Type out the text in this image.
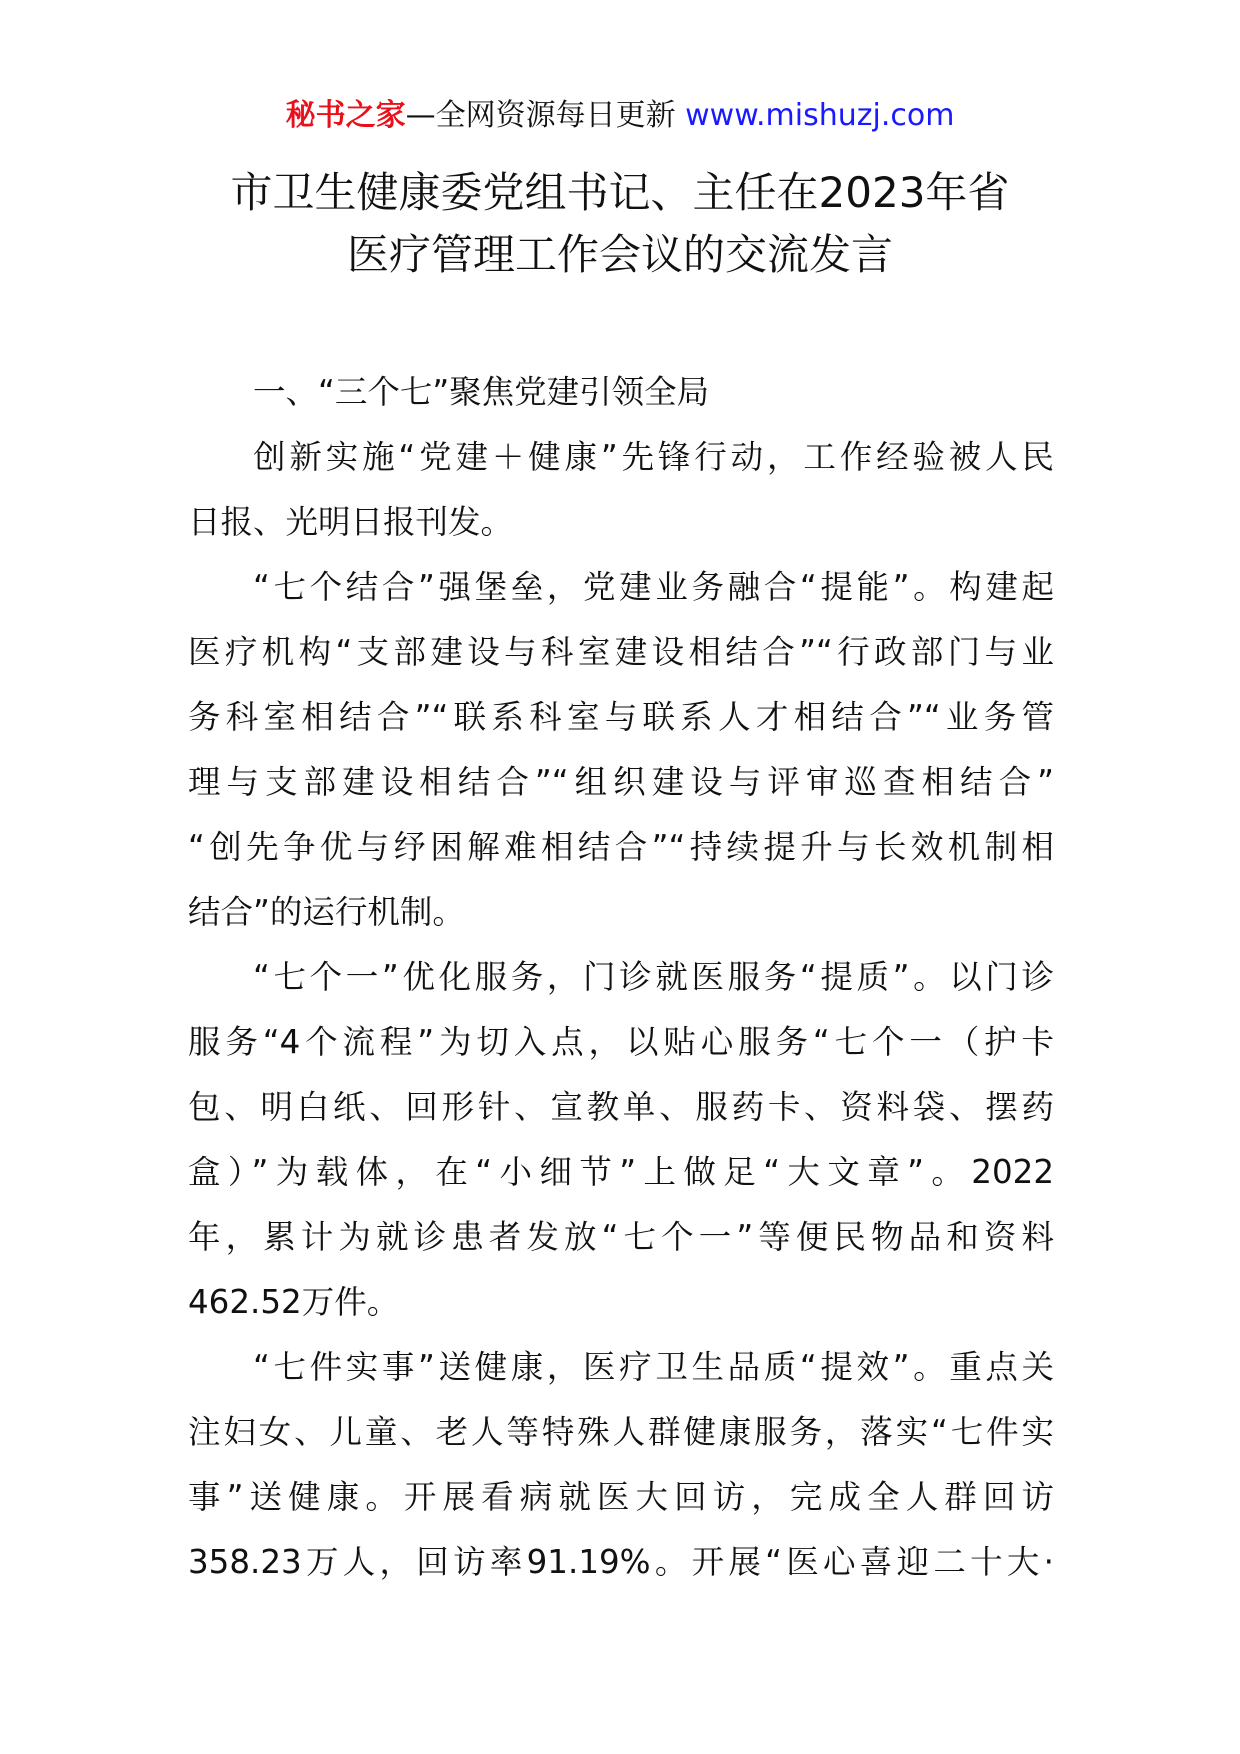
秘书之家—全网资源每日更新 www.mishuzj.com
市卫生健康委党组书记、主任在2023年省
医疗管理工作会议的交流发言
一、“三个七”聚焦党建引领全局
创新实施“党建＋健康”先锋行动，工作经验被人民
日报、光明日报刊发。
“七个结合”强堡垒，党建业务融合“提能”。构建起
医疗机构“支部建设与科室建设相结合”“行政部门与业
务科室相结合”“联系科室与联系人才相结合”“业务管
理与支部建设相结合”“组织建设与评审巡查相结合”
“创先争优与纾困解难相结合”“持续提升与长效机制相
结合”的运行机制。
“七个一”优化服务，门诊就医服务“提质”。以门诊
服务“4个流程”为切入点，以贴心服务“七个一（护卡
包、明白纸、回形针、宣教单、服药卡、资料袋、摆药
盒）”为载体，在“小细节”上做足“大文章”。2022
年，累计为就诊患者发放“七个一”等便民物品和资料
462.52万件。
“七件实事”送健康，医疗卫生品质“提效”。重点关
注妇女、儿童、老人等特殊人群健康服务，落实“七件实
事”送健康。开展看病就医大回访，完成全人群回访
358.23万人，回访率91.19%。开展“医心喜迎二十大·
